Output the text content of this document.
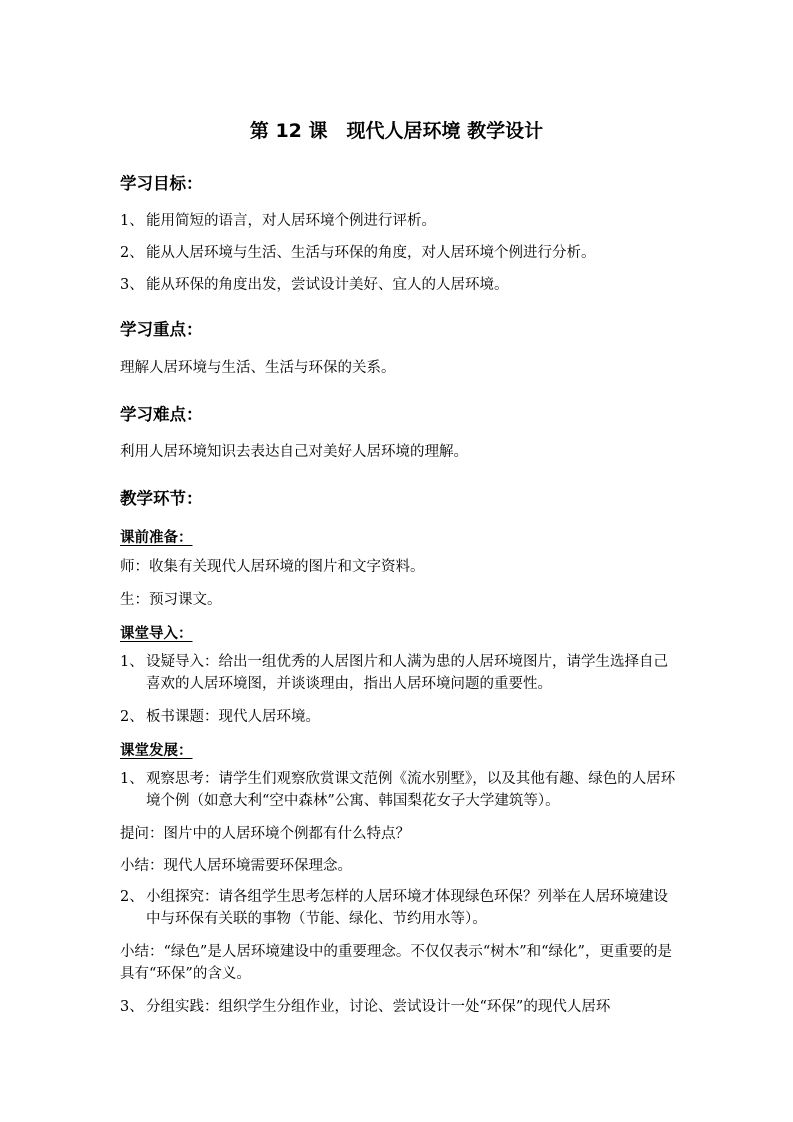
第 12 课　现代人居环境 教学设计
学习目标：
1、 能用简短的语言，对人居环境个例进行评析。
2、 能从人居环境与生活、生活与环保的角度，对人居环境个例进行分析。
3、 能从环保的角度出发，尝试设计美好、宜人的人居环境。
学习重点：
理解人居环境与生活、生活与环保的关系。
学习难点：
利用人居环境知识去表达自己对美好人居环境的理解。
教学环节：
课前准备：
师：收集有关现代人居环境的图片和文字资料。
生：预习课文。
课堂导入：
1、 设疑导入：给出一组优秀的人居图片和人满为患的人居环境图片，请学生选择自己喜欢的人居环境图，并谈谈理由，指出人居环境问题的重要性。
2、 板书课题：现代人居环境。
课堂发展：
1、 观察思考：请学生们观察欣赏课文范例《流水别墅》，以及其他有趣、绿色的人居环境个例（如意大利“空中森林”公寓、韩国梨花女子大学建筑等）。
提问：图片中的人居环境个例都有什么特点？
小结：现代人居环境需要环保理念。
2、 小组探究：请各组学生思考怎样的人居环境才体现绿色环保？列举在人居环境建设中与环保有关联的事物（节能、绿化、节约用水等）。
小结：“绿色”是人居环境建设中的重要理念。不仅仅表示“树木”和“绿化”，更重要的是具有“环保”的含义。
3、 分组实践：组织学生分组作业，讨论、尝试设计一处“环保”的现代人居环
